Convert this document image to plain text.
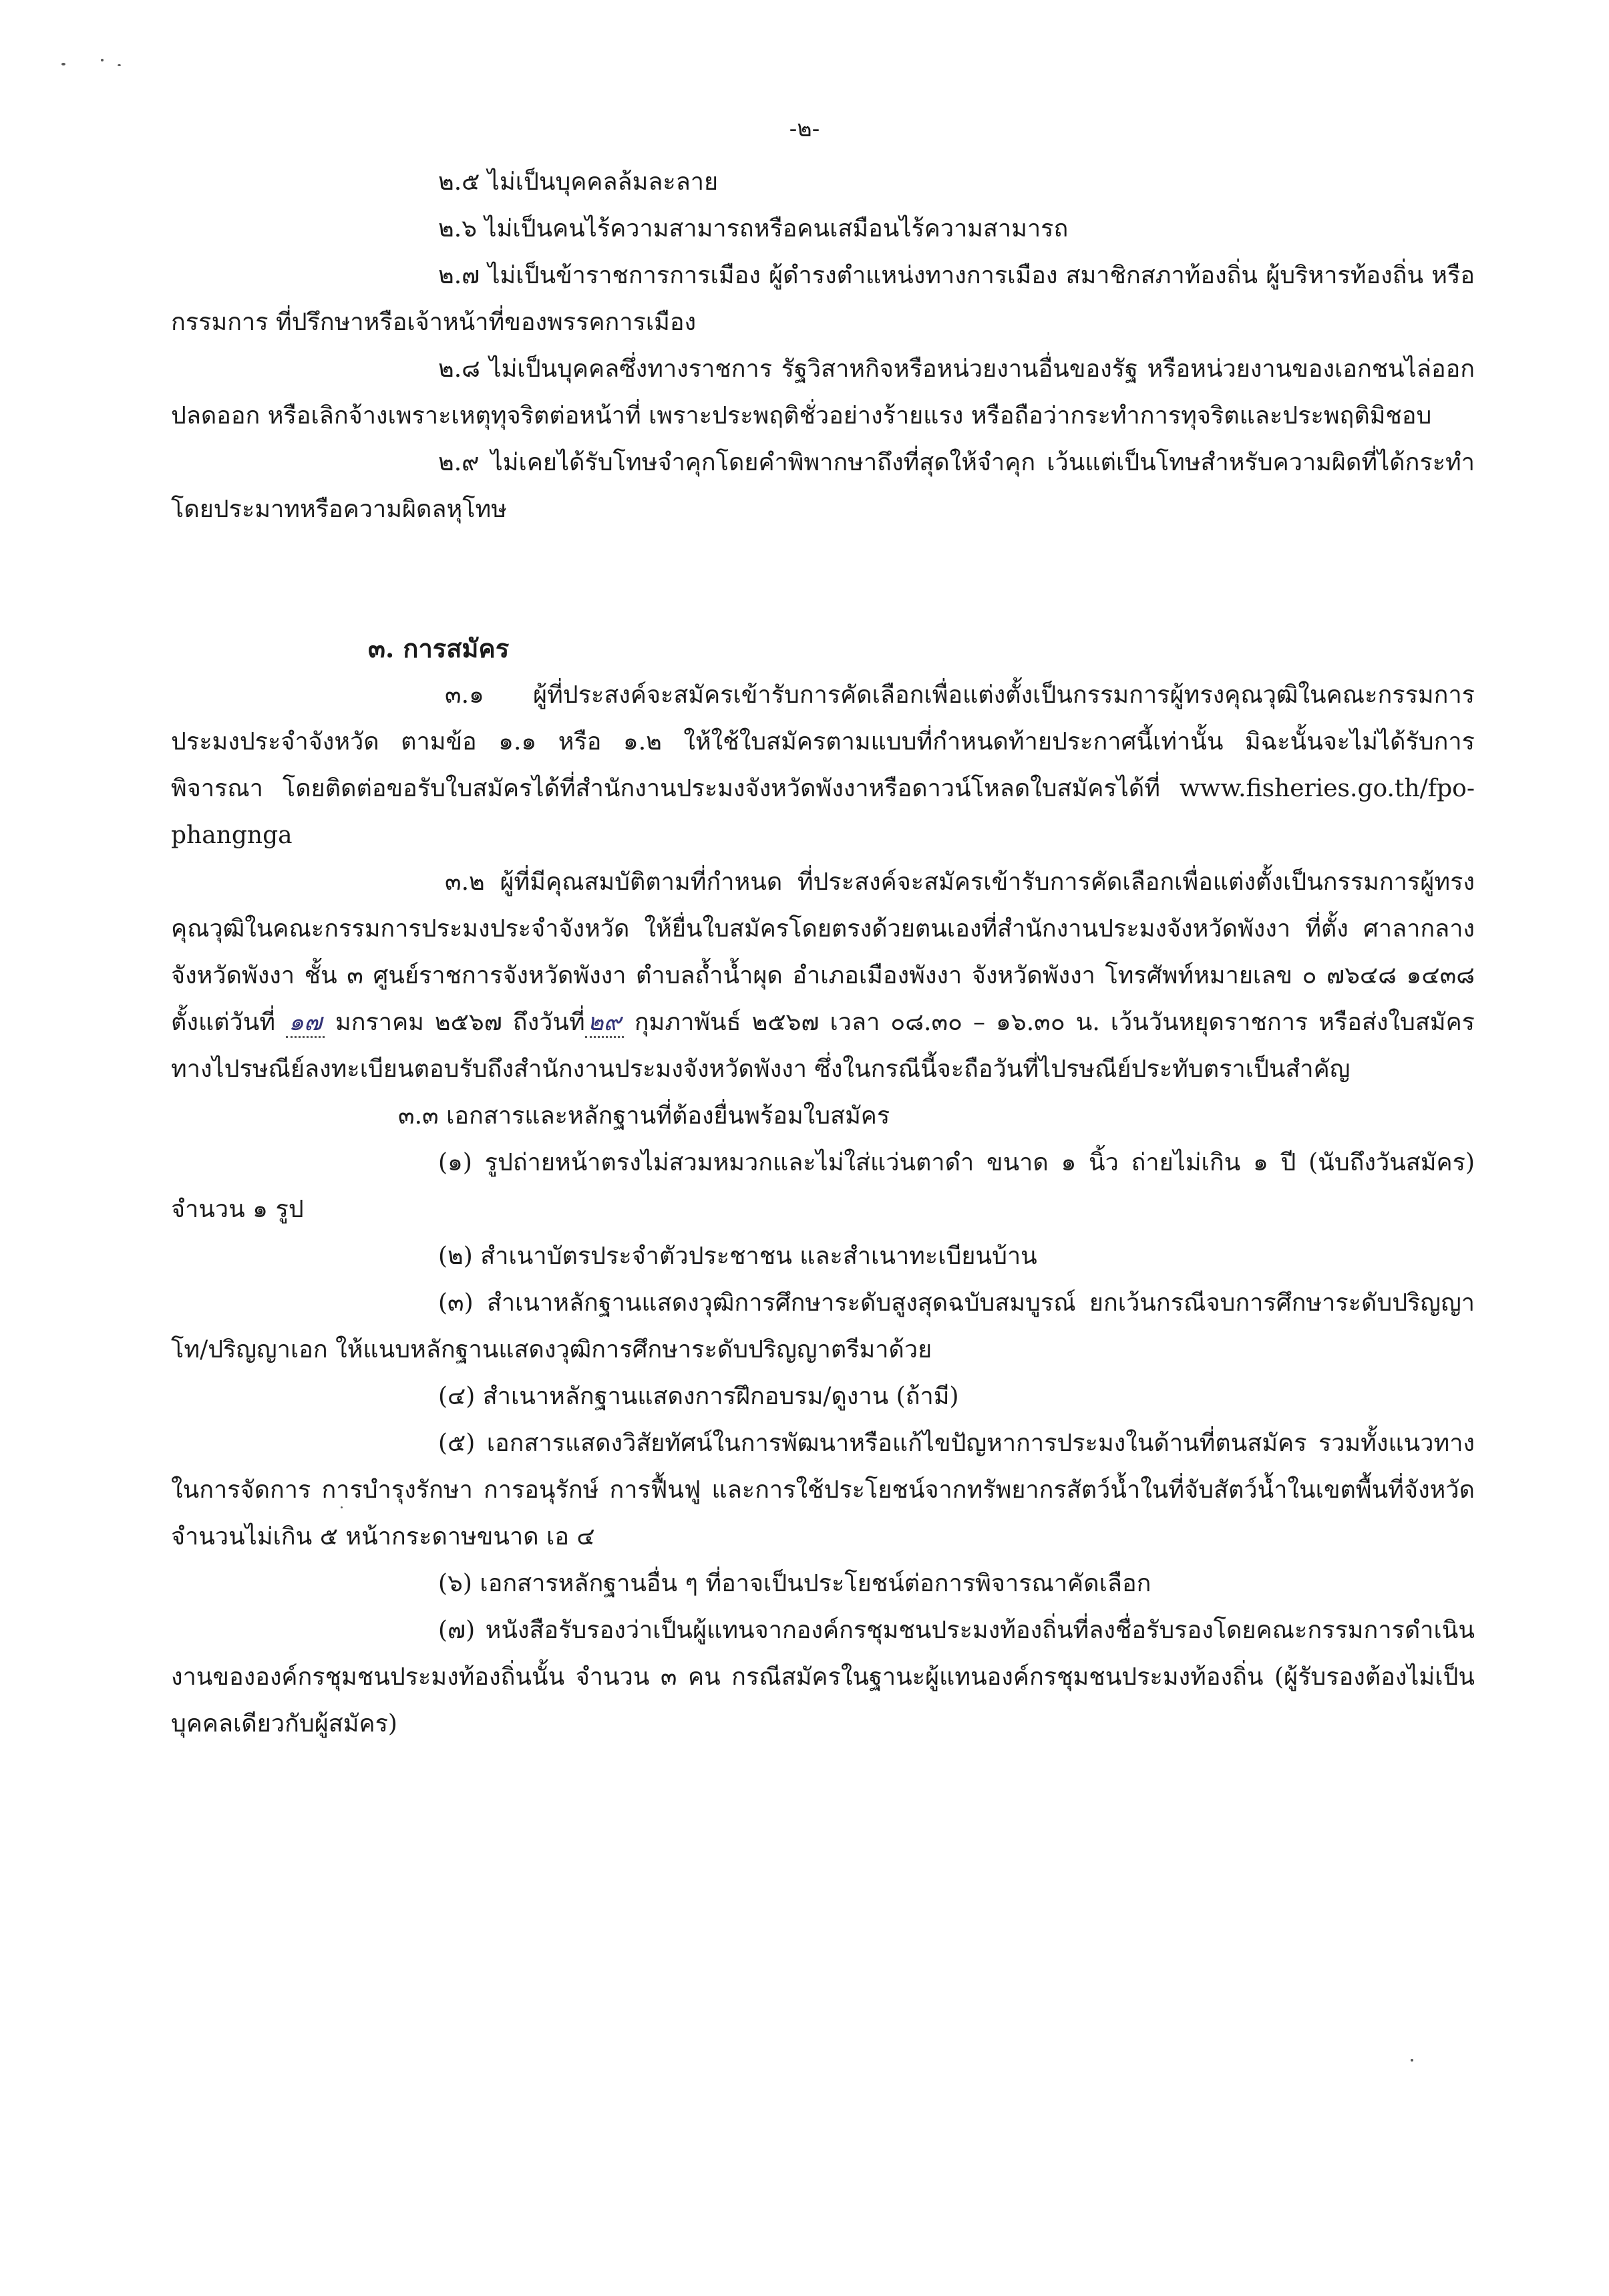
-๒-

๒.๕ ไม่เป็นบุคคลล้มละลาย

๒.๖ ไม่เป็นคนไร้ความสามารถหรือคนเสมือนไร้ความสามารถ

๒.๗ ไม่เป็นข้าราชการการเมือง ผู้ดำรงตำแหน่งทางการเมือง สมาชิกสภาท้องถิ่น ผู้บริหารท้องถิ่น หรือกรรมการ ที่ปรึกษาหรือเจ้าหน้าที่ของพรรคการเมือง

๒.๘ ไม่เป็นบุคคลซึ่งทางราชการ รัฐวิสาหกิจหรือหน่วยงานอื่นของรัฐ หรือหน่วยงานของเอกชนไล่ออก ปลดออก หรือเลิกจ้างเพราะเหตุทุจริตต่อหน้าที่ เพราะประพฤติชั่วอย่างร้ายแรง หรือถือว่ากระทำการทุจริตและประพฤติมิชอบ

๒.๙ ไม่เคยได้รับโทษจำคุกโดยคำพิพากษาถึงที่สุดให้จำคุก เว้นแต่เป็นโทษสำหรับความผิดที่ได้กระทำโดยประมาทหรือความผิดลหุโทษ

๓. การสมัคร

๓.๑ ผู้ที่ประสงค์จะสมัครเข้ารับการคัดเลือกเพื่อแต่งตั้งเป็นกรรมการผู้ทรงคุณวุฒิในคณะกรรมการประมงประจำจังหวัด ตามข้อ ๑.๑ หรือ ๑.๒ ให้ใช้ใบสมัครตามแบบที่กำหนดท้ายประกาศนี้เท่านั้น มิฉะนั้นจะไม่ได้รับการพิจารณา โดยติดต่อขอรับใบสมัครได้ที่สำนักงานประมงจังหวัดพังงาหรือดาวน์โหลดใบสมัครได้ที่ www.fisheries.go.th/fpo-phangnga

๓.๒ ผู้ที่มีคุณสมบัติตามที่กำหนด ที่ประสงค์จะสมัครเข้ารับการคัดเลือกเพื่อแต่งตั้งเป็นกรรมการผู้ทรงคุณวุฒิในคณะกรรมการประมงประจำจังหวัด ให้ยื่นใบสมัครโดยตรงด้วยตนเองที่สำนักงานประมงจังหวัดพังงา ที่ตั้ง ศาลากลางจังหวัดพังงา ชั้น ๓ ศูนย์ราชการจังหวัดพังงา ตำบลถ้ำน้ำผุด อำเภอเมืองพังงา จังหวัดพังงา โทรศัพท์หมายเลข ๐ ๗๖๔๘ ๑๔๓๘ ตั้งแต่วันที่ ๑๗ มกราคม ๒๕๖๗ ถึงวันที่ ๒๙ กุมภาพันธ์ ๒๕๖๗ เวลา ๐๘.๓๐ – ๑๖.๓๐ น. เว้นวันหยุดราชการ หรือส่งใบสมัครทางไปรษณีย์ลงทะเบียนตอบรับถึงสำนักงานประมงจังหวัดพังงา ซึ่งในกรณีนี้จะถือวันที่ไปรษณีย์ประทับตราเป็นสำคัญ

๓.๓ เอกสารและหลักฐานที่ต้องยื่นพร้อมใบสมัคร

(๑) รูปถ่ายหน้าตรงไม่สวมหมวกและไม่ใส่แว่นตาดำ ขนาด ๑ นิ้ว ถ่ายไม่เกิน ๑ ปี (นับถึงวันสมัคร) จำนวน ๑ รูป

(๒) สำเนาบัตรประจำตัวประชาชน และสำเนาทะเบียนบ้าน

(๓) สำเนาหลักฐานแสดงวุฒิการศึกษาระดับสูงสุดฉบับสมบูรณ์ ยกเว้นกรณีจบการศึกษาระดับปริญญาโท/ปริญญาเอก ให้แนบหลักฐานแสดงวุฒิการศึกษาระดับปริญญาตรีมาด้วย

(๔) สำเนาหลักฐานแสดงการฝึกอบรม/ดูงาน (ถ้ามี)

(๕) เอกสารแสดงวิสัยทัศน์ในการพัฒนาหรือแก้ไขปัญหาการประมงในด้านที่ตนสมัคร รวมทั้งแนวทางในการจัดการ การบำรุงรักษา การอนุรักษ์ การฟื้นฟู และการใช้ประโยชน์จากทรัพยากรสัตว์น้ำในที่จับสัตว์น้ำในเขตพื้นที่จังหวัด จำนวนไม่เกิน ๕ หน้ากระดาษขนาด เอ ๔

(๖) เอกสารหลักฐานอื่น ๆ ที่อาจเป็นประโยชน์ต่อการพิจารณาคัดเลือก

(๗) หนังสือรับรองว่าเป็นผู้แทนจากองค์กรชุมชนประมงท้องถิ่นที่ลงชื่อรับรองโดยคณะกรรมการดำเนินงานขององค์กรชุมชนประมงท้องถิ่นนั้น จำนวน ๓ คน กรณีสมัครในฐานะผู้แทนองค์กรชุมชนประมงท้องถิ่น (ผู้รับรองต้องไม่เป็นบุคคลเดียวกับผู้สมัคร)
